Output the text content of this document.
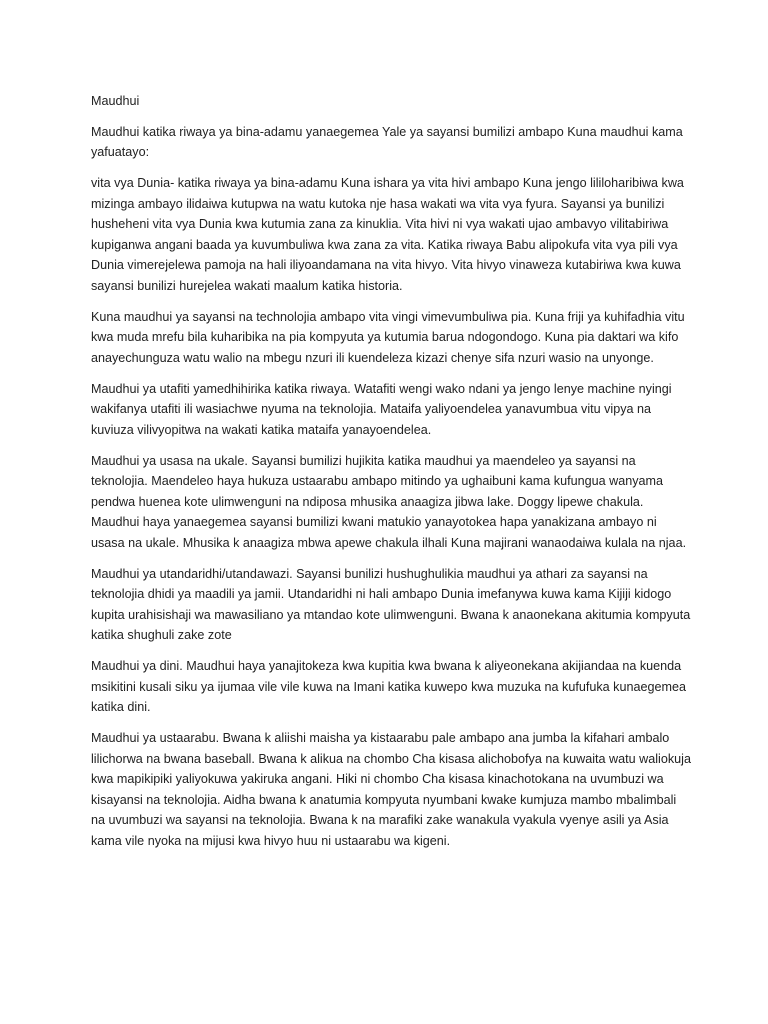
Maudhui

Maudhui katika riwaya ya bina-adamu yanaegemea Yale ya sayansi bumilizi ambapo Kuna maudhui kama yafuatayo:

vita vya Dunia- katika riwaya ya bina-adamu Kuna ishara ya vita hivi ambapo Kuna jengo lililoharibiwa kwa mizinga ambayo ilidaiwa kutupwa na watu kutoka nje hasa wakati wa vita vya fyura. Sayansi ya bunilizi husheheni vita vya Dunia kwa kutumia zana za kinuklia. Vita hivi ni vya wakati ujao ambavyo vilitabiriwa kupiganwa angani baada ya kuvumbuliwa kwa zana za vita. Katika riwaya Babu alipokufa vita vya pili vya Dunia vimerejelewa pamoja na hali iliyoandamana na vita hivyo. Vita hivyo vinaweza kutabiriwa kwa kuwa sayansi bunilizi hurejelea wakati maalum katika historia.

Kuna maudhui ya sayansi na technolojia ambapo vita vingi vimevumbuliwa pia. Kuna friji ya kuhifadhia vitu kwa muda mrefu bila kuharibika na pia kompyuta ya kutumia barua ndogondogo. Kuna pia daktari wa kifo anayechunguza watu walio na mbegu nzuri ili kuendeleza kizazi chenye sifa nzuri wasio na unyonge.

Maudhui ya utafiti yamedhihirika katika riwaya. Watafiti wengi wako ndani ya jengo lenye machine nyingi wakifanya utafiti ili wasiachwe nyuma na teknolojia. Mataifa yaliyoendelea yanavumbua vitu vipya na kuviuza vilivyopitwa na wakati katika mataifa yanayoendelea.

Maudhui ya usasa na ukale. Sayansi bumilizi hujikita katika maudhui ya maendeleo ya sayansi na teknolojia. Maendeleo haya hukuza ustaarabu ambapo mitindo ya ughaibuni kama kufungua wanyama pendwa huenea kote ulimwenguni na ndiposa mhusika anaagiza jibwa lake. Doggy lipewe chakula. Maudhui haya yanaegemea sayansi bumilizi kwani matukio yanayotokea hapa yanakizana ambayo ni usasa na ukale. Mhusika k anaagiza mbwa apewe chakula ilhali Kuna majirani wanaodaiwa kulala na njaa.

Maudhui ya utandaridhi/utandawazi. Sayansi bunilizi hushughulikia maudhui ya athari za sayansi na teknolojia dhidi ya maadili ya jamii. Utandaridhi ni hali ambapo Dunia imefanywa kuwa kama Kijiji kidogo kupita urahisishaji wa mawasiliano ya mtandao kote ulimwenguni. Bwana k anaonekana akitumia kompyuta katika shughuli zake zote

Maudhui ya dini. Maudhui haya yanajitokeza kwa kupitia kwa bwana k aliyeonekana akijiandaa na kuenda msikitini kusali siku ya ijumaa vile vile kuwa na Imani katika kuwepo kwa muzuka na kufufuka kunaegemea katika dini.

Maudhui ya ustaarabu. Bwana k aliishi maisha ya kistaarabu pale ambapo ana jumba la kifahari ambalo lilichorwa na bwana baseball. Bwana k alikua na chombo Cha kisasa alichobofya na kuwaita watu waliokuja kwa mapikipiki yaliyokuwa yakiruka angani. Hiki ni chombo Cha kisasa kinachotokana na uvumbuzi wa kisayansi na teknolojia. Aidha bwana k anatumia kompyuta nyumbani kwake kumjuza mambo mbalimbali na uvumbuzi wa sayansi na teknolojia. Bwana k na marafiki zake wanakula vyakula vyenye asili ya Asia kama vile nyoka na mijusi kwa hivyo huu ni ustaarabu wa kigeni.
